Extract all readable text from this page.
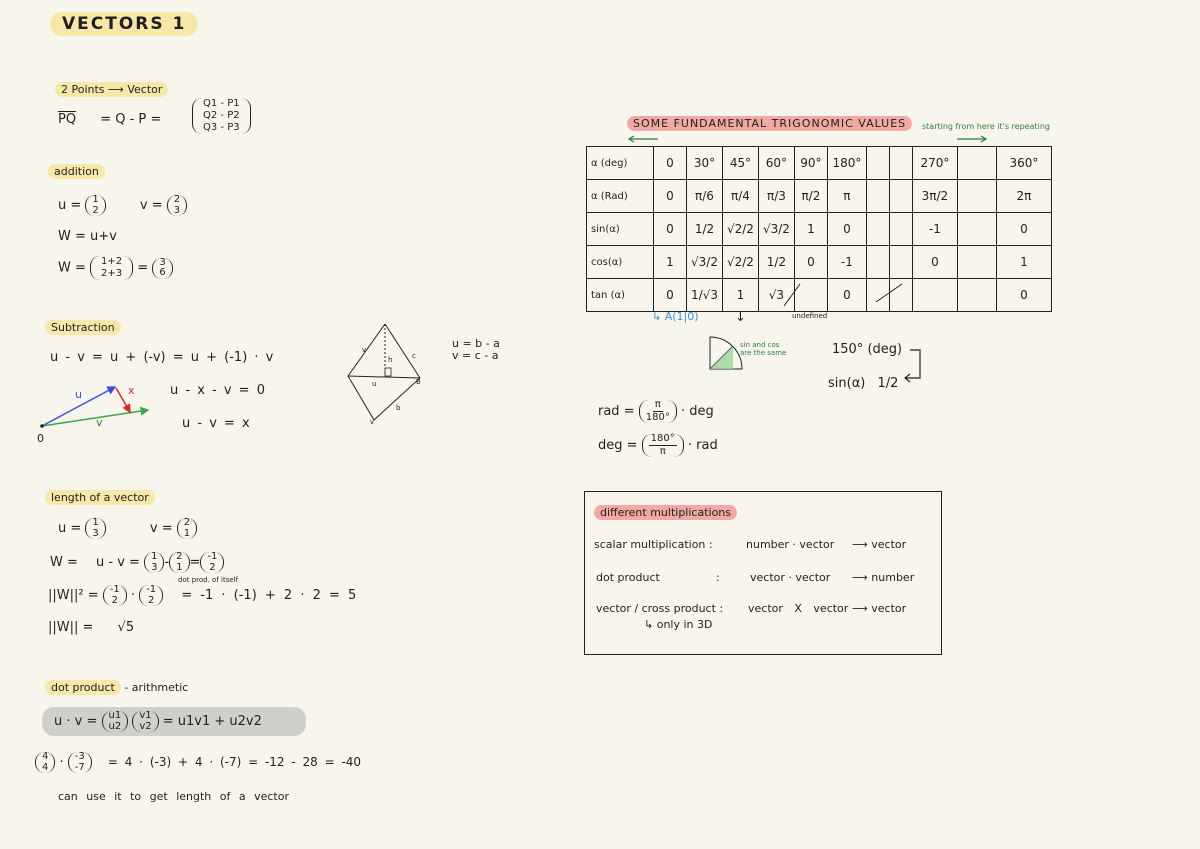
VECTORS 1
2 Points ⟶ Vector
$\overline{PQ} = Q - P$ =
Q1 - P1
Q2 - P2
Q3 - P3
addition
u = 1
2	v = 2
3
W = u+v
W = 1+2
2+3 = 3
6
Subtraction
u - v = u + (-v) = u + (-1) · v
u - x - v = 0
u - v = x
u	x
v
0
v
c
h
u	B
b
v
u = b - a
v = c - a
length of a vector
u = 1
3	v = 2
1
W = u - v = 1
3 - 2
1 = -1
2
dot prod. of itself
||W||² = -1
2 · -1
2 = -1 · (-1) + 2 · 2 = 5
||W|| = √5
dot product - arithmetic
u · v = u1
u2

v1
v2 = u1v1 + u2v2
4
4 · -3
-7 = 4 · (-3) + 4 · (-7) = -12 - 28 = -40
can use it to get length of a vector
SOME FUNDAMENTAL TRIGONOMIC VALUES	starting from here it's repeating
α (deg)	0	30°	45°	60°	90°	180°			270°		360°
α (Rad)	0	π/6	π/4	π/3	π/2	π			3π/2		2π
sin(α)	0	1/2	√2/2	√3/2	1	0			-1		0
cos(α)	1	√3/2	√2/2	1/2	0	-1			0		1
tan (α)	0	1/√3	1	√3		0					0
undefined
↳ A(1|0)	↓
sin and cos
are the same	150° (deg)
sin(α) 1/2
rad = $\frac{\pi}{180^\circ}$ · deg
deg = $\frac{180^\circ}{\pi}$ · rad
different multiplications
scalar multiplication :	number · vector ⟶ vector
dot product	:	vector · vector ⟶ number
vector / cross product : vector X vector ⟶ vector
↳ only in 3D
